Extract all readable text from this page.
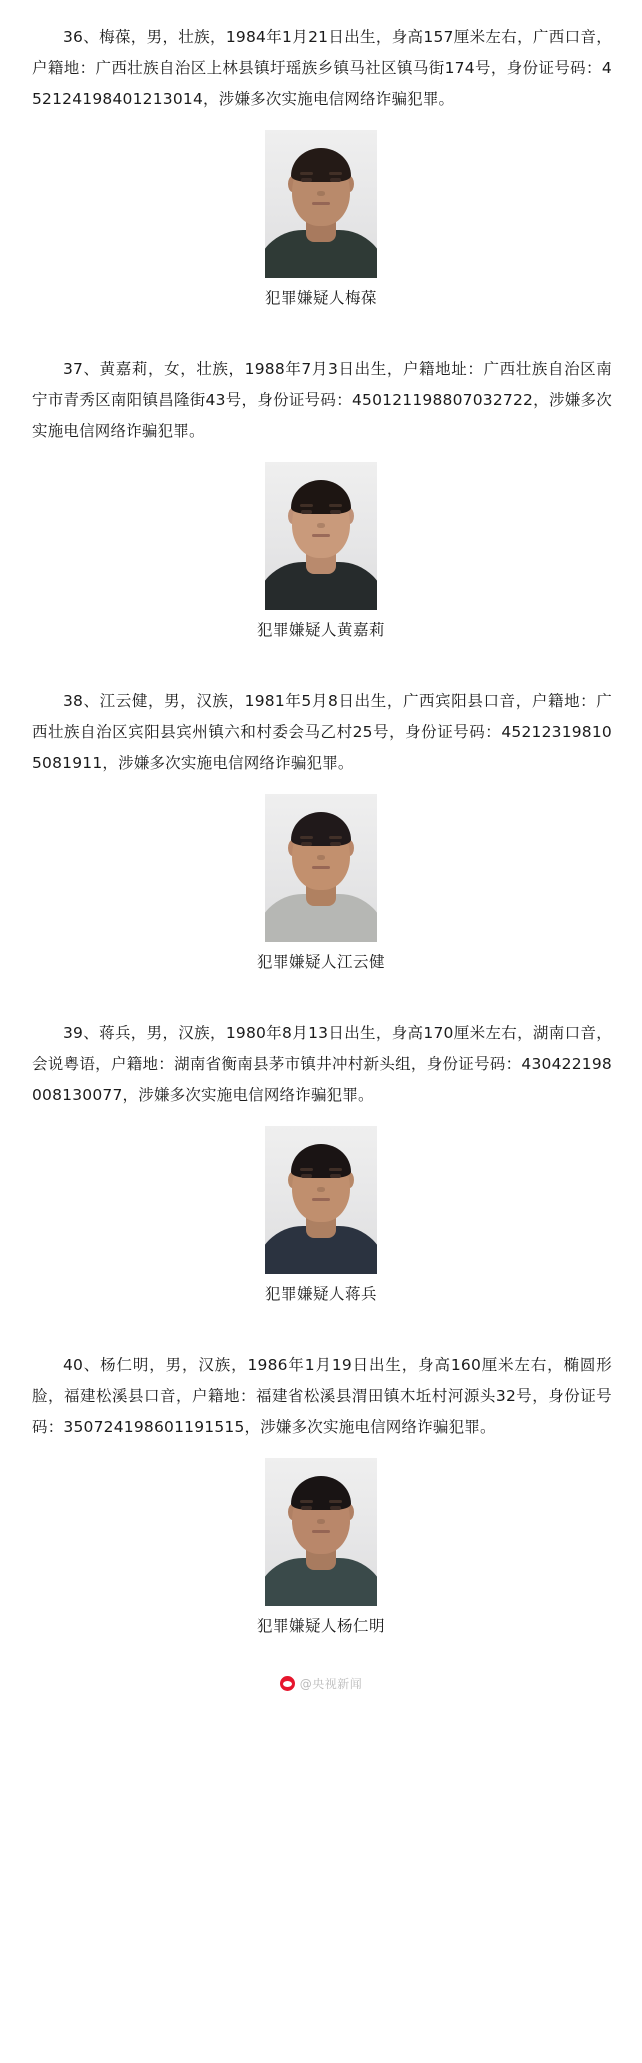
36、梅葆，男，壮族，1984年1月21日出生，身高157厘米左右，广西口音，户籍地：广西壮族自治区上林县镇圩瑶族乡镇马社区镇马街174号，身份证号码：452124198401213014，涉嫌多次实施电信网络诈骗犯罪。

犯罪嫌疑人梅葆

37、黄嘉莉，女，壮族，1988年7月3日出生，户籍地址：广西壮族自治区南宁市青秀区南阳镇昌隆街43号，身份证号码：450121198807032722，涉嫌多次实施电信网络诈骗犯罪。

犯罪嫌疑人黄嘉莉

38、江云健，男，汉族，1981年5月8日出生，广西宾阳县口音，户籍地：广西壮族自治区宾阳县宾州镇六和村委会马乙村25号，身份证号码：452123198105081911，涉嫌多次实施电信网络诈骗犯罪。

犯罪嫌疑人江云健

39、蒋兵，男，汉族，1980年8月13日出生，身高170厘米左右，湖南口音，会说粤语，户籍地：湖南省衡南县茅市镇井冲村新头组，身份证号码：430422198008130077，涉嫌多次实施电信网络诈骗犯罪。

犯罪嫌疑人蒋兵

40、杨仁明，男，汉族，1986年1月19日出生，身高160厘米左右，椭圆形脸，福建松溪县口音，户籍地：福建省松溪县渭田镇木坵村河源头32号，身份证号码：350724198601191515，涉嫌多次实施电信网络诈骗犯罪。

犯罪嫌疑人杨仁明
@央视新闻
